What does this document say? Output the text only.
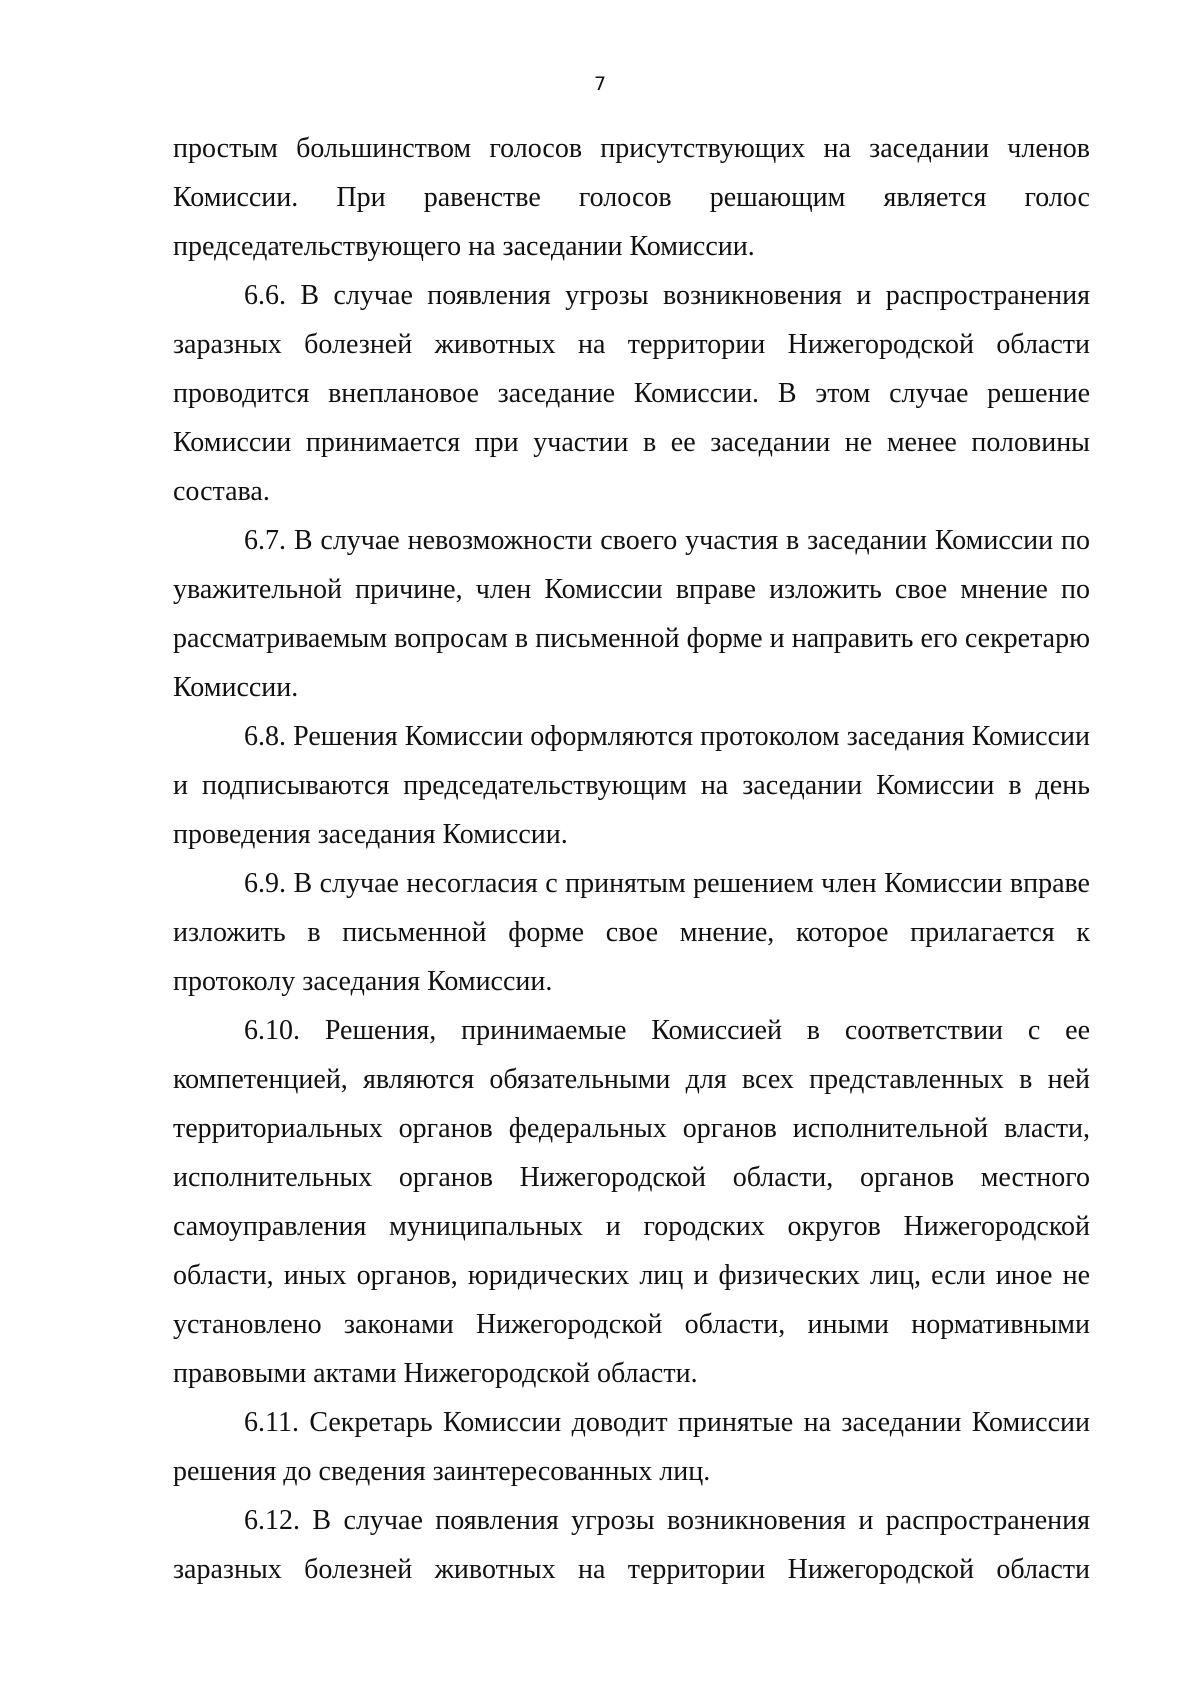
7

простым большинством голосов присутствующих на заседании членов Комиссии. При равенстве голосов решающим является голос председательствующего на заседании Комиссии.

6.6. В случае появления угрозы возникновения и распространения заразных болезней животных на территории Нижегородской области проводится внеплановое заседание Комиссии. В этом случае решение Комиссии принимается при участии в ее заседании не менее половины состава.

6.7. В случае невозможности своего участия в заседании Комиссии по уважительной причине, член Комиссии вправе изложить свое мнение по рассматриваемым вопросам в письменной форме и направить его секретарю Комиссии.

6.8. Решения Комиссии оформляются протоколом заседания Комиссии и подписываются председательствующим на заседании Комиссии в день проведения заседания Комиссии.

6.9. В случае несогласия с принятым решением член Комиссии вправе изложить в письменной форме свое мнение, которое прилагается к протоколу заседания Комиссии.

6.10. Решения, принимаемые Комиссией в соответствии с ее компетенцией, являются обязательными для всех представленных в ней территориальных органов федеральных органов исполнительной власти, исполнительных органов Нижегородской области, органов местного самоуправления муниципальных и городских округов Нижегородской области, иных органов, юридических лиц и физических лиц, если иное не установлено законами Нижегородской области, иными нормативными правовыми актами Нижегородской области.

6.11. Секретарь Комиссии доводит принятые на заседании Комиссии решения до сведения заинтересованных лиц.

6.12. В случае появления угрозы возникновения и распространения заразных болезней животных на территории Нижегородской области
